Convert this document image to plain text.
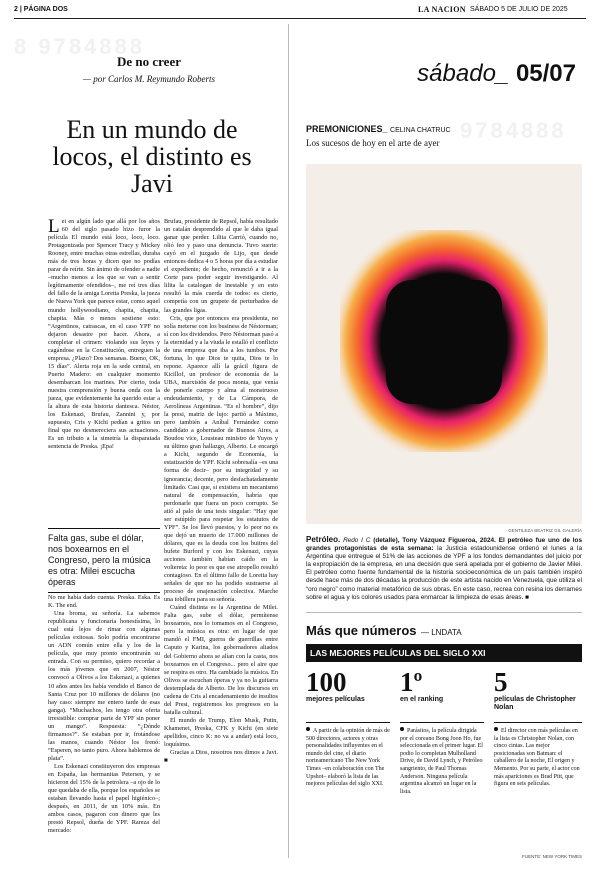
2 | PÁGINA DOS	LA NACION SÁBADO 5 DE JULIO DE 2025
8 9784888
De no creer
— por Carlos M. Reymundo Roberts
En un mundo de locos, el distinto es Javi

Lei en algún lado que allá por los años 60 del siglo pasado hizo furor la película El mundo está loco, loco, loco. Protagonizada por Spencer Tracy y Mickey Rooney, entre muchas otras estrellas, duraba más de tres horas y dicen que no podías parar de reírte. Sin ánimo de ofender a nadie –mucho menos a los que se van a sentir legítimamente ofendidos–, me reí tres días del fallo de la amiga Loretta Preska, la jueza de Nueva York que parece estar, como aquel mundo hollywoodiano, chapita, chapita, chapita. Más o menos sostiene esto: “Argentinos, catrascas, en el caso YPF no dejaron desastre por hacer. Ahora, a completar el crimen: violando sus leyes y cagándose en la Constitución, entreguen la empresa. ¿Plazo? Dos semanas. Bueno, OK, 15 días”. Alerta roja en la sede central, en Puerto Madero: en cualquier momento desembarcan los marines. Por cierto, toda nuestra comprensión y buena onda con la jueza, que evidentemente ha querido estar a la altura de esta historia dantesca. Néstor, los Eskenazi, Brufau, Zannini y, por supuesto, Cris y Kichi pedían a gritos un final que no desmereciera sus actuaciones. Es un tributo a la simetría la disparatada sentencia de Preska. ¡Epa!

Falta gas, sube el dólar, nos boxearnos en el Congreso, pero la música es otra: Milei escucha óperas

No me había dado cuenta. Preska. Eska. Es K. The end.

Una broma, su señoría. La sabemos republicana y funcionaria honestísima, lo cual está lejos de rimar con algunas películas exitosas. Solo podría encontrarse un ADN común entre ella y los de la película, que muy pronto encontrarán su entrada. Con su permiso, quiero recordar a los más jóvenes que en 2007, Néstor convocó a Olivos a los Eskenazi, a quienes 10 años antes les había vendido el Banco de Santa Cruz por 10 millones de dólares (no hay caso: siempre me entero tarde de esas ganga). “Muchachos, les tengo otra oferta irresistible: comprar parte de YPF sin poner un mango”. Respuesta: “¿Dónde firmamos?”. Se estaban por ir, frotándose las manos, cuando Néstor los frenó: “Esperen, no tanto puro. Ahora hablemos de plata”.

Los Eskenazi constituyeron dos empresas en España, las hermanitas Petersen, y se hicieron del 15% de la petrolera –a ojo de lo que quedaba de ella, porque los españoles se estaban llevando hasta el papel higiénico–; después, en 2011, de un 10% más. En ambos casos, pagaron con dinero que les prestó Repsol, dueña de YPF. Rareza del mercado:

Brufau, presidente de Repsol, había resultado un catalán desprendido al que le daba igual ganar que perder. Lilita Carrió, cuando no, olió feo y paso una denuncia. Tuvo suerte: cayó en el juzgado de Lijo, que desde entonces dedica 4 o 5 horas por día a estudiar el expediente; de hecho, renunció a ir a la Corte para poder seguir investigando. Al lilita la catalogan de inestable y en esto resultó la más cuerda de todos: es cierto, competía con un grupete de perturbados de las grandes ligas.

Cris, que por entonces era presidenta, no solía meterse con los business de Néstorman; sí con los dividendos. Pero Néstorman pasó a la eternidad y a la viuda le estalló el conflicto de una empresa que iba a los tumbos. Por fortuna, lo que Dios te quita, Dios te lo repone. Aparece allí la grácil figura de Kicillof, un profesor de economía de la UBA, marxistón de poca monta, que venía de ponerle cuerpo y alma al monstruoso endeudamiento, y de La Cámpora, de Aerolíneas Argentinas. “Es el hombre”, dijo la presi, matriz de lujo: partió a Máximo, pero también a Aníbal Fernández como candidato a gobernador de Buenos Aires, a Boudou vice, Lousteau ministro de Yuyos y su último gran hallazgo, Alberto. Le encargó a Kichi, segundo de Economía, la estatización de YPF. Kichi sobresalía –es una forma de decir– por su integridad y su ignorancia; decente, pero desfachatadamente limitado. Casi que, si existiera un mecanismo natural de compensación, habría que perdonarle que fuera un poco corrupto. Se atió al palo de una tesis singular: “Hay que ser estúpido para respetar los estatutos de YPF”. Se los llevó puestos, y lo peor no es que dejó un muerto de 17.000 millones de dólares, que es la deuda con los buitres del bufete Burford y con los Eskenazi, cuyas acciones también habían caído en la voltereta: lo peor es que ese atropello resultó contagioso. En el último fallo de Loretta hay señales de que no ha podido sustraerse al proceso de enajenación colectiva. Marche una tobillera para su señoría.

Cuánd distinta es la Argentina de Milei. Falta gas, sube el dólar, permítense boxearnos, nos lo tomamos en el Congreso, pero la música es otra: en lugar de que mandó el FMI, guerra de guerrillas entre Caputo y Karina, los gobernadores aliados del Gobierno ahora se alían con la casta, nos boxearnos en el Congreso... pero el aire que se respira es otro. Ha cambiado la música. En Olivos se escuchan óperas y ya no la guitarra destemplada de Alberto. De los discursos en cadena de Cris al encadenamiento de insultos del Presi, registremos los progresos en la batalla cultural.

El mundo de Trump, Elon Musk, Putin, Khamenei, Preska, CFK y Kichi (en siete apellidos, cinco K: no va a andar) está loco, loquísimo.

Gracias a Dios, nosotros nos dimos a Javi. ■

sábado_ 05/07
9784888
PREMONICIONES_ CELINA CHATRUC
Los sucesos de hoy en el arte de ayer
GENTILEZA BEATRIZ GIL GALERÍA
Petróleo. Redo I C (detalle), Tony Vázquez Figueroa, 2024. El petróleo fue uno de los grandes protagonistas de esta semana: la Justicia estadounidense ordenó el lunes a la Argentina que entregue el 51% de las acciones de YPF a los fondos demandantes del juicio por la expropiación de la empresa, en una decisión que será apelada por el gobierno de Javier Milei. El petróleo como fuente fundamental de la historia socioeconómica de un país también inspiró desde hace más de dos décadas la producción de este artista nacido en Venezuela, que utiliza el “oro negro” como material metafórico de sus obras. En este caso, recrea con resina los derrames sobre el agua y los colores usados para enmarcar la limpieza de esas áreas. ■
Más que números — LNDATA
LAS MEJORES PELÍCULAS DEL SIGLO XXI
100
mejores películas
A partir de la opinión de más de 500 directores, actores y otras personalidades influyentes en el mundo del cine, el diario norteamericano The New York Times –en colaboración con The Upshot– elaboró la lista de las mejores películas del siglo XXI.
1º
en el ranking
Parásitos, la película dirigida por el coreano Bong Joon Ho, fue seleccionada en el primer lugar. El podio lo completan Mulholland Drive, de David Lynch, y Petróleo sangriento, de Paul Thomas Anderson. Ninguna película argentina alcanzó un lugar en la lista.
5
películas de Christopher Nolan
El director con más películas en la lista es Christopher Nolan, con cinco cintas. Las mejor posicionadas son Batman: el caballero de la noche, El origen y Memento. Por su parte, el actor con más apariciones es Brad Pitt, que figura en seis películas.
FUENTE: NEW YORK TIMES
